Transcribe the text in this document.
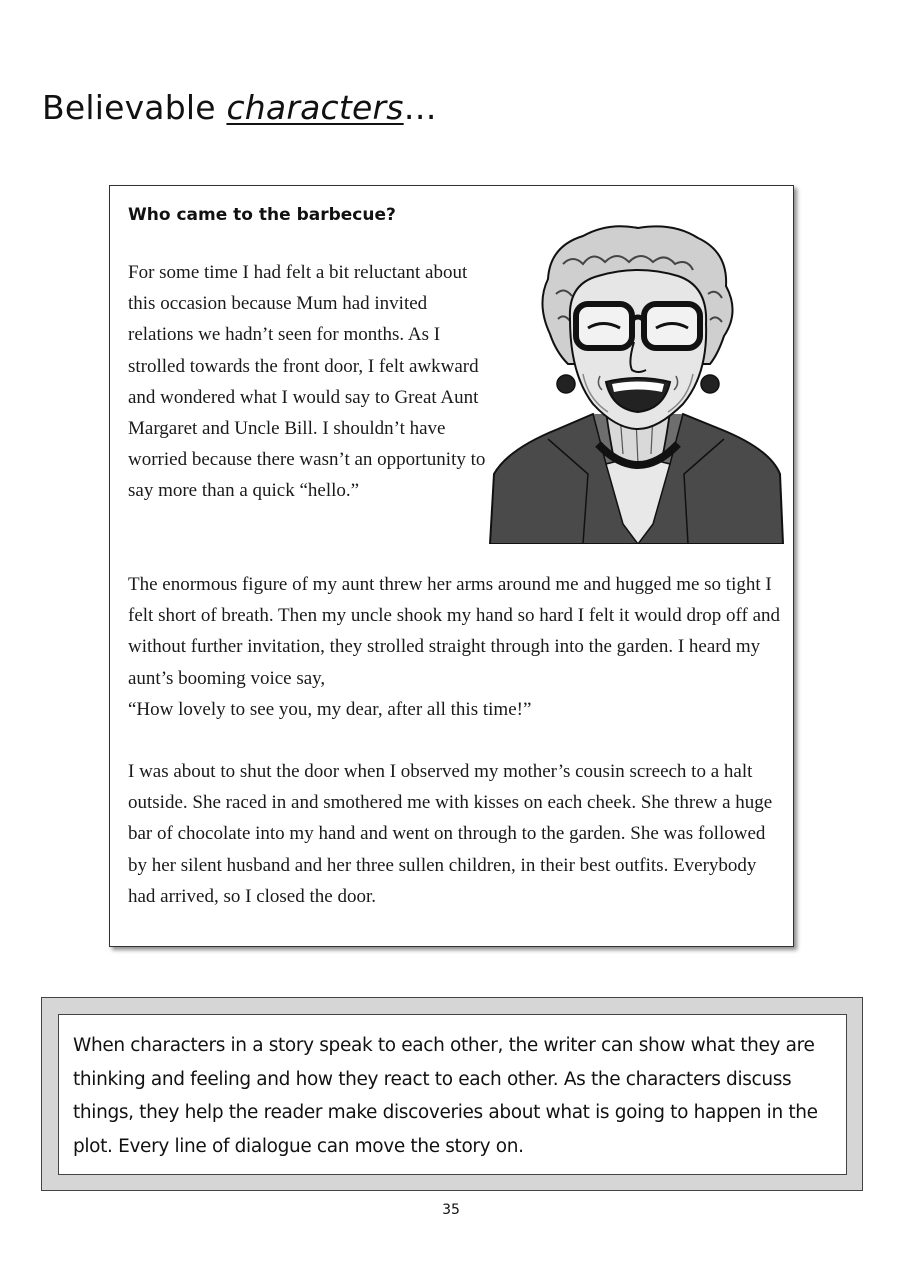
Believable characters…
Who came to the barbecue?
For some time I had felt a bit reluctant about this occasion because Mum had invited relations we hadn’t seen for months. As I strolled towards the front door, I felt awkward and wondered what I would say to Great Aunt Margaret and Uncle Bill. I shouldn’t have worried because there wasn’t an opportunity to say more than a quick “hello.”
The enormous figure of my aunt threw her arms around me and hugged me so tight I felt short of breath. Then my uncle shook my hand so hard I felt it would drop off and without further invitation, they strolled straight through into the garden. I heard my aunt’s booming voice say,
“How lovely to see you, my dear, after all this time!”
I was about to shut the door when I observed my mother’s cousin screech to a halt outside. She raced in and smothered me with kisses on each cheek. She threw a huge bar of chocolate into my hand and went on through to the garden. She was followed by her silent husband and her three sullen children, in their best outfits. Everybody had arrived, so I closed the door.

When characters in a story speak to each other, the writer can show what they are thinking and feeling and how they react to each other. As the characters discuss things, they help the reader make discoveries about what is going to happen in the plot. Every line of dialogue can move the story on.

35
